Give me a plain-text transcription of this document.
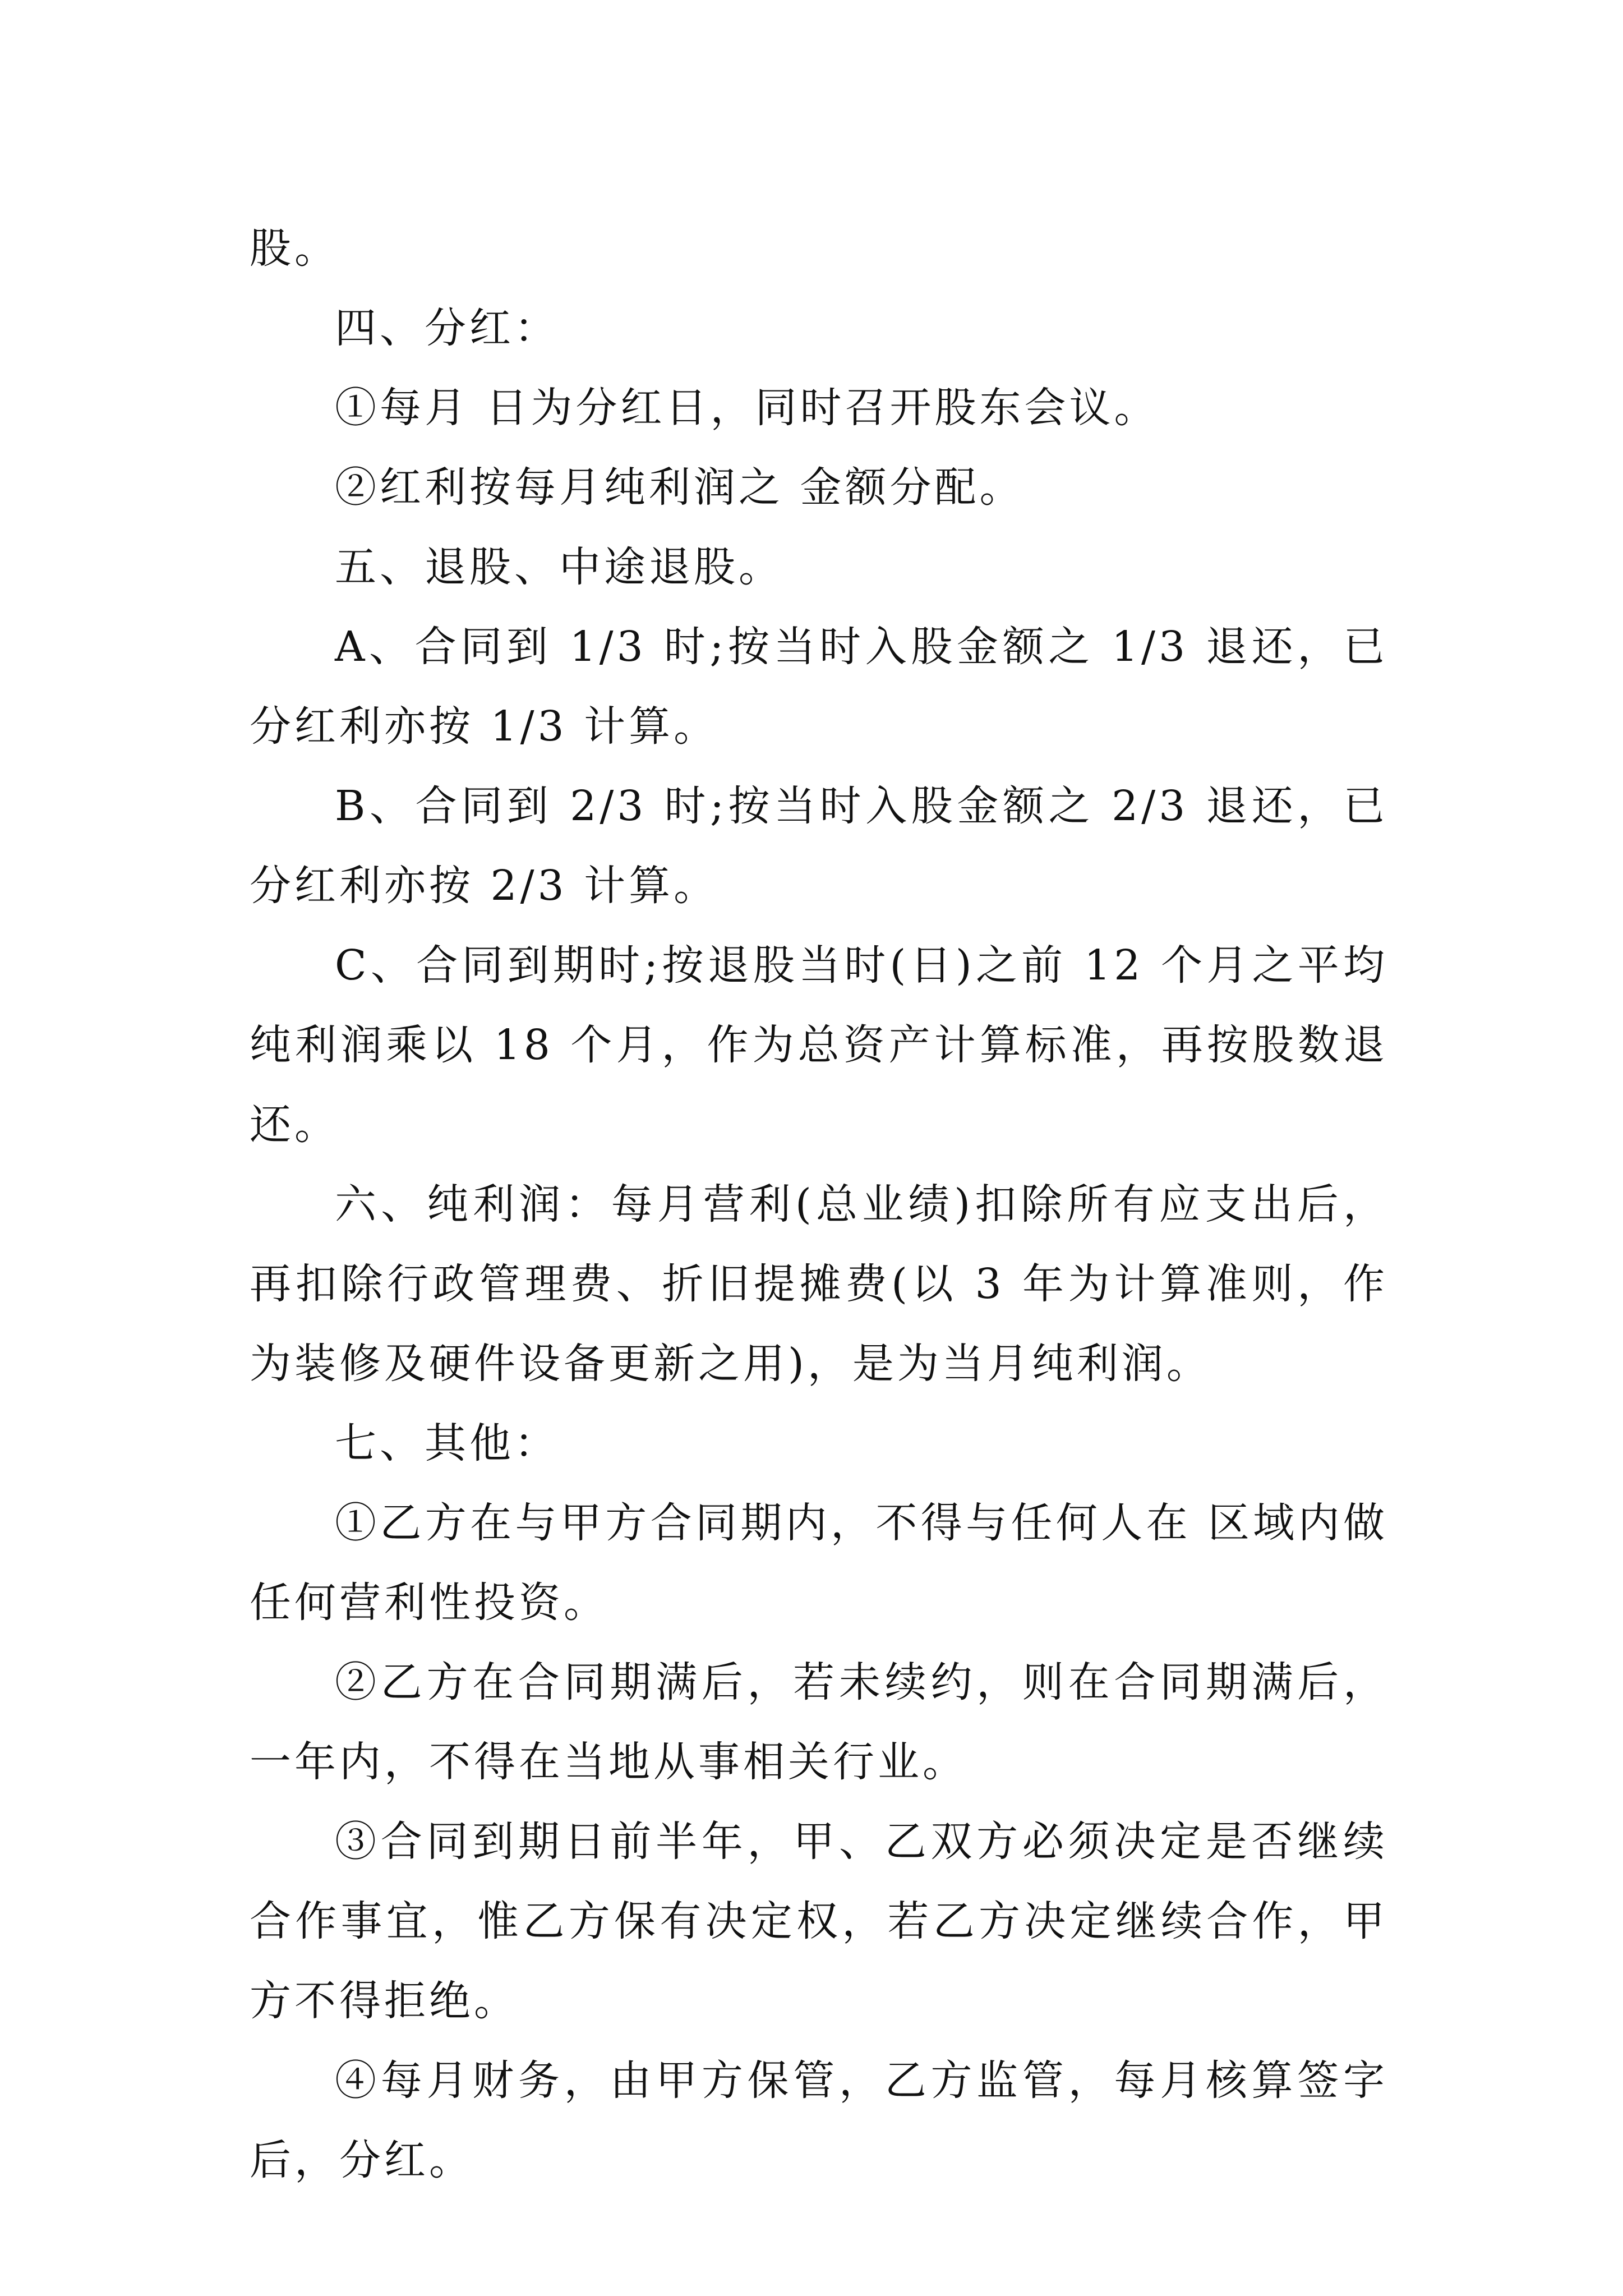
股。

四、分红：

①每月 日为分红日，同时召开股东会议。

②红利按每月纯利润之 金额分配。

五、退股、中途退股。

A、合同到 1/3 时;按当时入股金额之 1/3 退还，已分红利亦按 1/3 计算。

B、合同到 2/3 时;按当时入股金额之 2/3 退还，已分红利亦按 2/3 计算。

C、合同到期时;按退股当时(日)之前 12 个月之平均纯利润乘以 18 个月，作为总资产计算标准，再按股数退还。

六、纯利润：每月营利(总业绩)扣除所有应支出后，再扣除行政管理费、折旧提摊费(以 3 年为计算准则，作为装修及硬件设备更新之用)，是为当月纯利润。

七、其他：

①乙方在与甲方合同期内，不得与任何人在 区域内做任何营利性投资。

②乙方在合同期满后，若未续约，则在合同期满后，一年内，不得在当地从事相关行业。

③合同到期日前半年，甲、乙双方必须决定是否继续合作事宜，惟乙方保有决定权，若乙方决定继续合作，甲方不得拒绝。

④每月财务，由甲方保管，乙方监管，每月核算签字后，分红。
